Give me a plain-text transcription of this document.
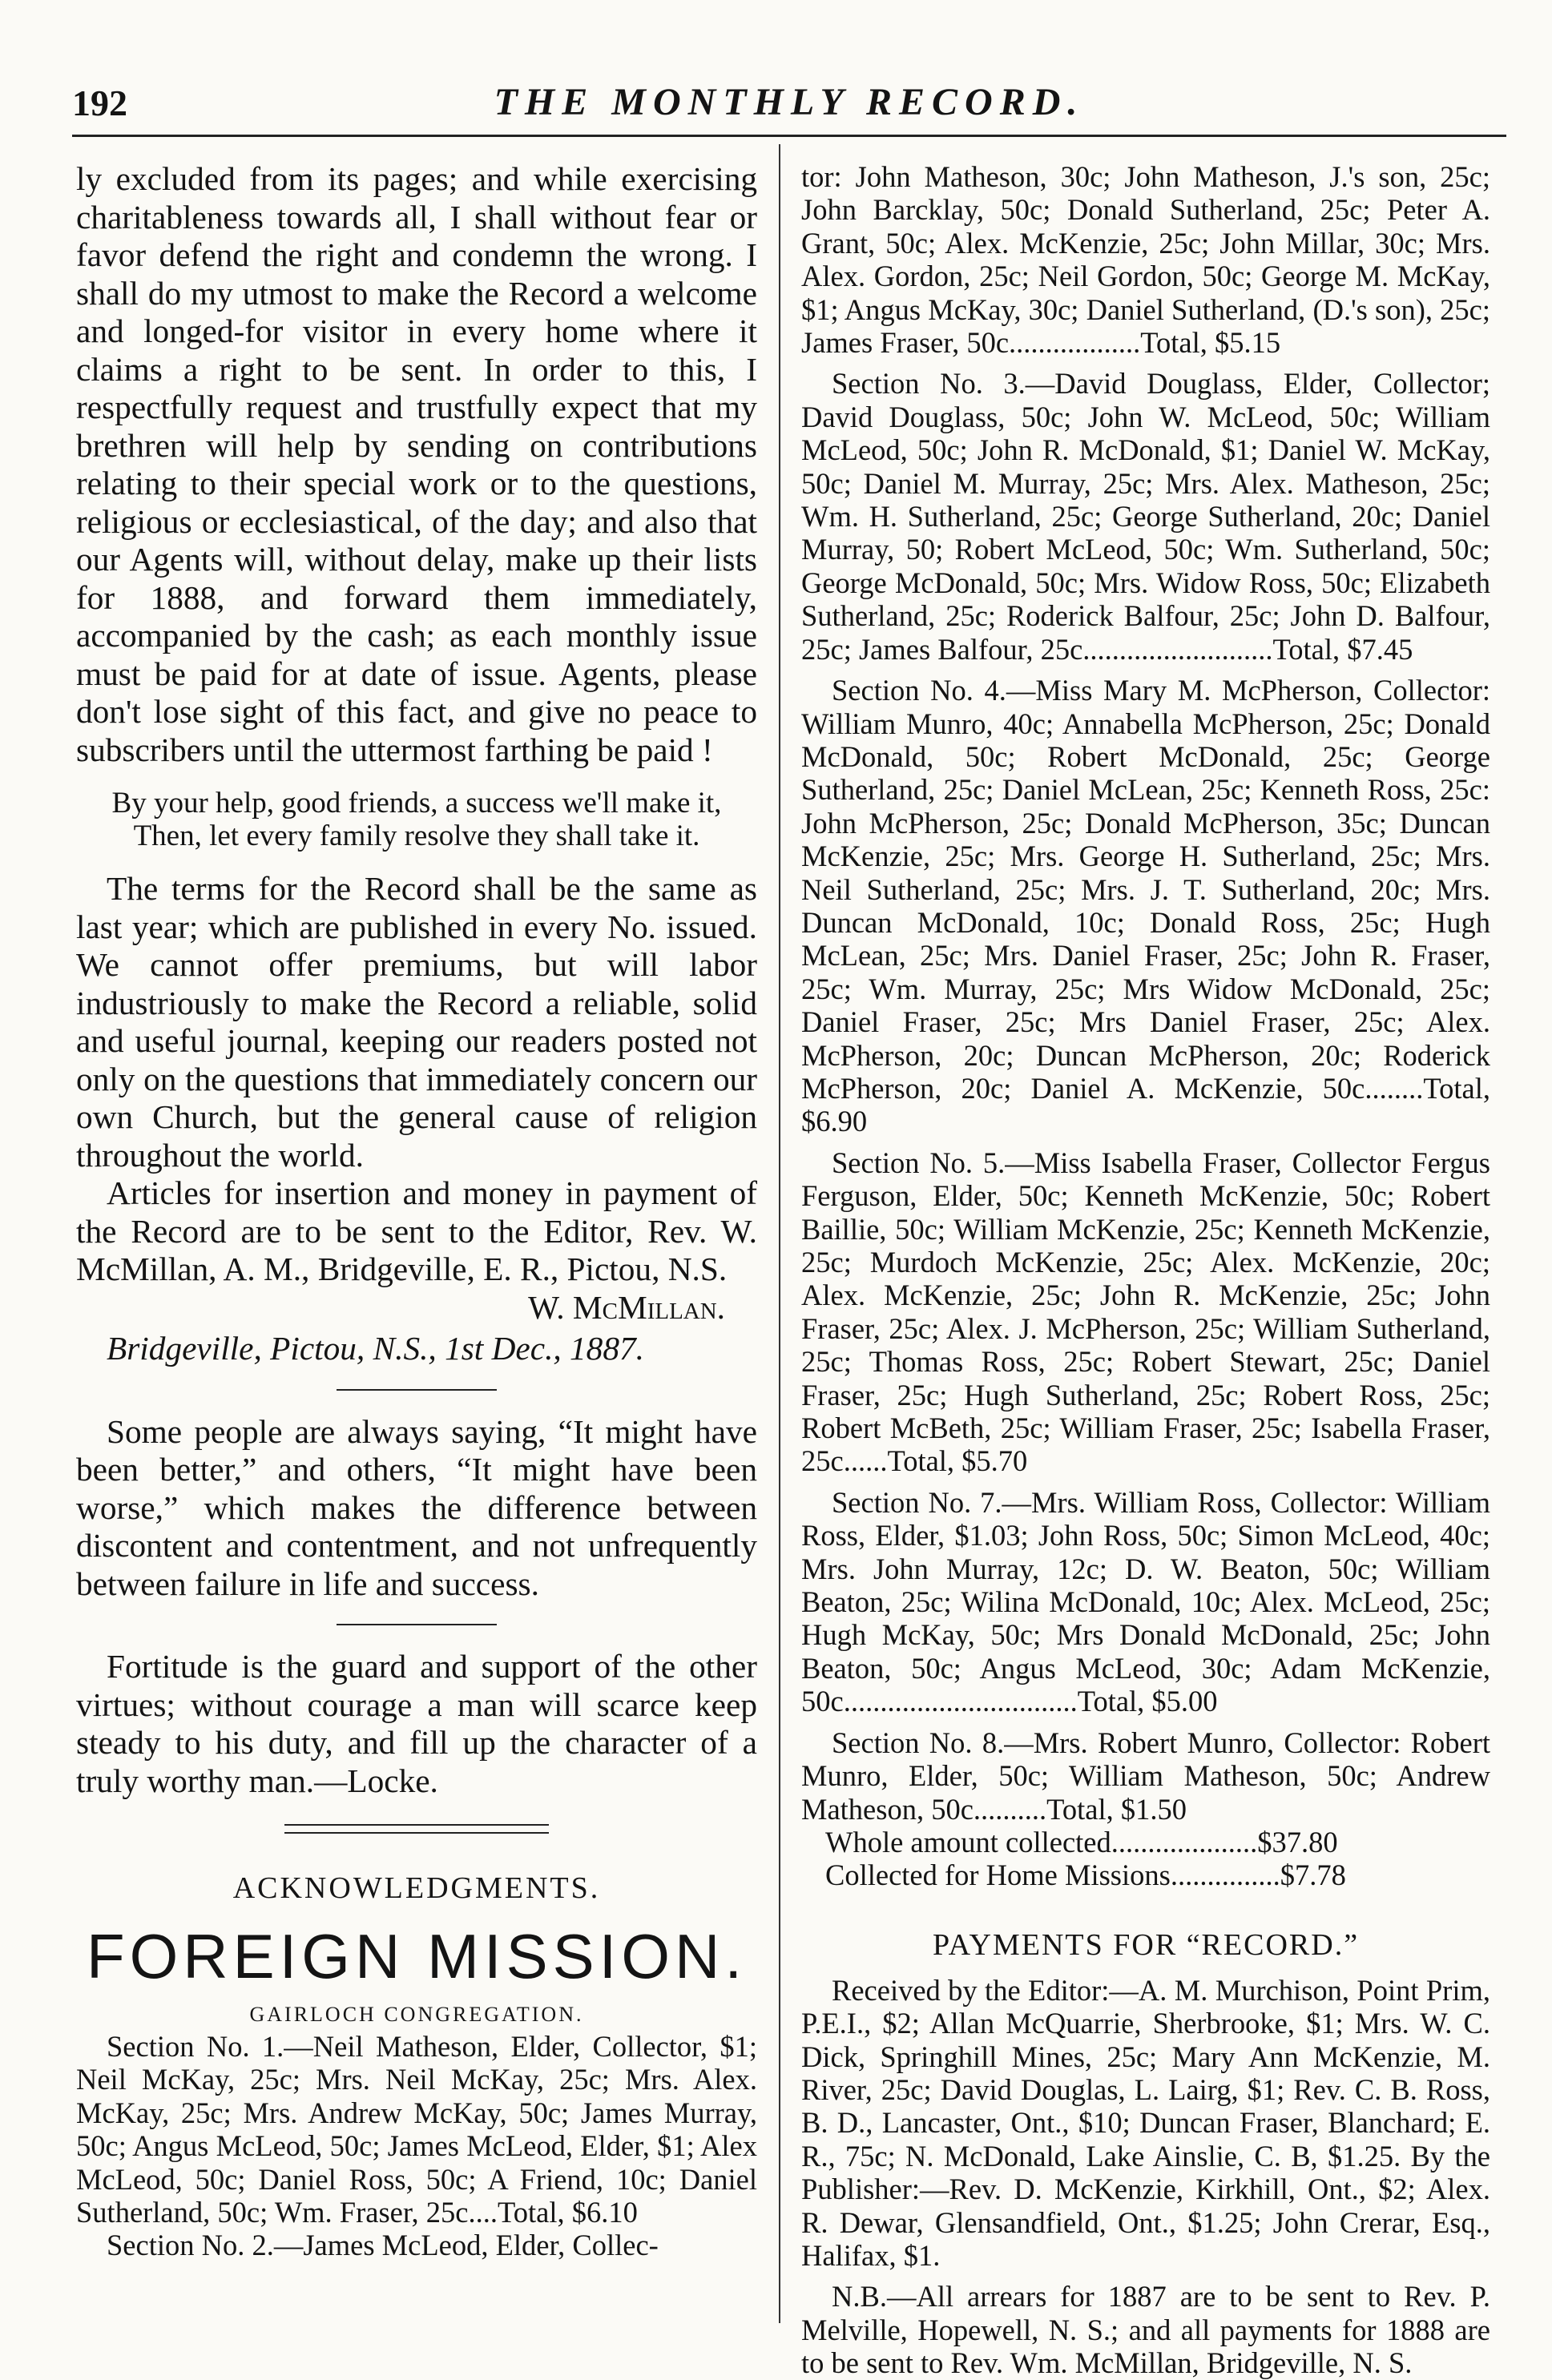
192	THE MONTHLY RECORD.

ly excluded from its pages; and while exercising charitableness towards all, I shall without fear or favor defend the right and condemn the wrong. I shall do my utmost to make the Record a welcome and longed-for visitor in every home where it claims a right to be sent. In order to this, I respectfully request and trustfully expect that my brethren will help by sending on contributions relating to their special work or to the questions, religious or ecclesiastical, of the day; and also that our Agents will, without delay, make up their lists for 1888, and forward them immediately, accompanied by the cash; as each monthly issue must be paid for at date of issue. Agents, please don't lose sight of this fact, and give no peace to subscribers until the uttermost farthing be paid !

By your help, good friends, a success we'll make it,
Then, let every family resolve they shall take it.

The terms for the Record shall be the same as last year; which are published in every No. issued. We cannot offer premiums, but will labor industriously to make the Record a reliable, solid and useful journal, keeping our readers posted not only on the questions that immediately concern our own Church, but the general cause of religion throughout the world.

Articles for insertion and money in payment of the Record are to be sent to the Editor, Rev. W. McMillan, A. M., Bridgeville, E. R., Pictou, N.S.

W. McMillan.

Bridgeville, Pictou, N.S., 1st Dec., 1887.

Some people are always saying, “It might have been better,” and others, “It might have been worse,” which makes the difference between discontent and contentment, and not unfrequently between failure in life and success.

Fortitude is the guard and support of the other virtues; without courage a man will scarce keep steady to his duty, and fill up the character of a truly worthy man.—Locke.

ACKNOWLEDGMENTS.
FOREIGN MISSION.
GAIRLOCH CONGREGATION.

Section No. 1.—Neil Matheson, Elder, Collector, $1; Neil McKay, 25c; Mrs. Neil McKay, 25c; Mrs. Alex. McKay, 25c; Mrs. Andrew McKay, 50c; James Murray, 50c; Angus McLeod, 50c; James McLeod, Elder, $1; Alex McLeod, 50c; Daniel Ross, 50c; A Friend, 10c; Daniel Sutherland, 50c; Wm. Fraser, 25c....Total, $6.10

Section No. 2.—James McLeod, Elder, Collec-

tor: John Matheson, 30c; John Matheson, J.'s son, 25c; John Barcklay, 50c; Donald Sutherland, 25c; Peter A. Grant, 50c; Alex. McKenzie, 25c; John Millar, 30c; Mrs. Alex. Gordon, 25c; Neil Gordon, 50c; George M. McKay, $1; Angus McKay, 30c; Daniel Sutherland, (D.'s son), 25c; James Fraser, 50c..................Total, $5.15

Section No. 3.—David Douglass, Elder, Collector; David Douglass, 50c; John W. McLeod, 50c; William McLeod, 50c; John R. McDonald, $1; Daniel W. McKay, 50c; Daniel M. Murray, 25c; Mrs. Alex. Matheson, 25c; Wm. H. Sutherland, 25c; George Sutherland, 20c; Daniel Murray, 50; Robert McLeod, 50c; Wm. Sutherland, 50c; George McDonald, 50c; Mrs. Widow Ross, 50c; Elizabeth Sutherland, 25c; Roderick Balfour, 25c; John D. Balfour, 25c; James Balfour, 25c..........................Total, $7.45

Section No. 4.—Miss Mary M. McPherson, Collector: William Munro, 40c; Annabella McPherson, 25c; Donald McDonald, 50c; Robert McDonald, 25c; George Sutherland, 25c; Daniel McLean, 25c; Kenneth Ross, 25c: John McPherson, 25c; Donald McPherson, 35c; Duncan McKenzie, 25c; Mrs. George H. Sutherland, 25c; Mrs. Neil Sutherland, 25c; Mrs. J. T. Sutherland, 20c; Mrs. Duncan McDonald, 10c; Donald Ross, 25c; Hugh McLean, 25c; Mrs. Daniel Fraser, 25c; John R. Fraser, 25c; Wm. Murray, 25c; Mrs Widow McDonald, 25c; Daniel Fraser, 25c; Mrs Daniel Fraser, 25c; Alex. McPherson, 20c; Duncan McPherson, 20c; Roderick McPherson, 20c; Daniel A. McKenzie, 50c........Total, $6.90

Section No. 5.—Miss Isabella Fraser, Collector Fergus Ferguson, Elder, 50c; Kenneth McKenzie, 50c; Robert Baillie, 50c; William McKenzie, 25c; Kenneth McKenzie, 25c; Murdoch McKenzie, 25c; Alex. McKenzie, 20c; Alex. McKenzie, 25c; John R. McKenzie, 25c; John Fraser, 25c; Alex. J. McPherson, 25c; William Sutherland, 25c; Thomas Ross, 25c; Robert Stewart, 25c; Daniel Fraser, 25c; Hugh Sutherland, 25c; Robert Ross, 25c; Robert McBeth, 25c; William Fraser, 25c; Isabella Fraser, 25c......Total, $5.70

Section No. 7.—Mrs. William Ross, Collector: William Ross, Elder, $1.03; John Ross, 50c; Simon McLeod, 40c; Mrs. John Murray, 12c; D. W. Beaton, 50c; William Beaton, 25c; Wilina McDonald, 10c; Alex. McLeod, 25c; Hugh McKay, 50c; Mrs Donald McDonald, 25c; John Beaton, 50c; Angus McLeod, 30c; Adam McKenzie, 50c................................Total, $5.00

Section No. 8.—Mrs. Robert Munro, Collector: Robert Munro, Elder, 50c; William Matheson, 50c; Andrew Matheson, 50c..........Total, $1.50

Whole amount collected....................$37.80
Collected for Home Missions...............$7.78
PAYMENTS FOR “RECORD.”

Received by the Editor:—A. M. Murchison, Point Prim, P.E.I., $2; Allan McQuarrie, Sherbrooke, $1; Mrs. W. C. Dick, Springhill Mines, 25c; Mary Ann McKenzie, M. River, 25c; David Douglas, L. Lairg, $1; Rev. C. B. Ross, B. D., Lancaster, Ont., $10; Duncan Fraser, Blanchard; E. R., 75c; N. McDonald, Lake Ainslie, C. B, $1.25. By the Publisher:—Rev. D. McKenzie, Kirkhill, Ont., $2; Alex. R. Dewar, Glensandfield, Ont., $1.25; John Crerar, Esq., Halifax, $1.

N.B.—All arrears for 1887 are to be sent to Rev. P. Melville, Hopewell, N. S.; and all payments for 1888 are to be sent to Rev. Wm. McMillan, Bridgeville, N. S.
